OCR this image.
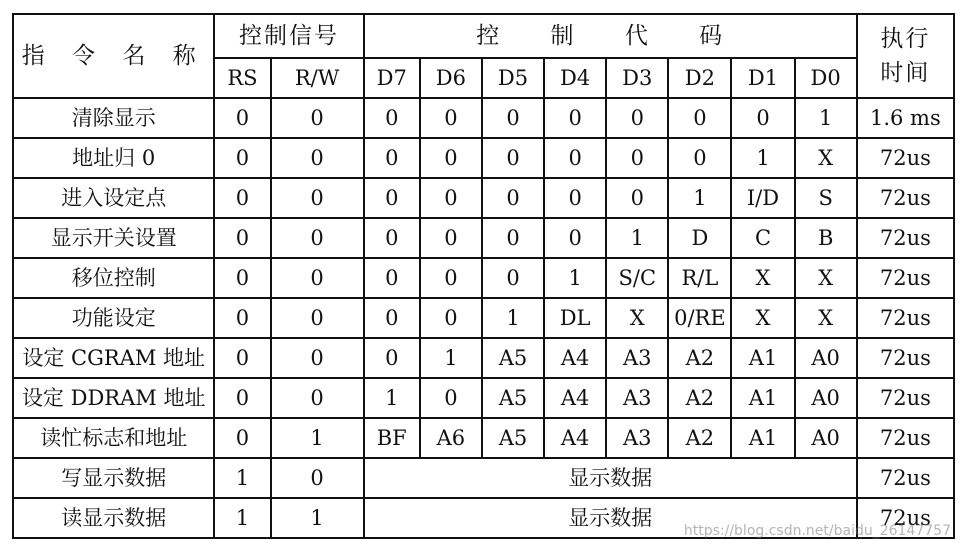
指 令 名 称	控制信号		控 制 代 码								执行时间
	RS	R/W	D7	D6	D5	D4	D3	D2	D1	D0	
清除显示	0	0	0	0	0	0	0	0	0	1	1.6 ms
地址归 0	0	0	0	0	0	0	0	0	1	X	72us
进入设定点	0	0	0	0	0	0	0	1	I/D	S	72us
显示开关设置	0	0	0	0	0	0	1	D	C	B	72us
移位控制	0	0	0	0	0	1	S/C	R/L	X	X	72us
功能设定	0	0	0	0	1	DL	X	0/RE	X	X	72us
设定 CGRAM 地址	0	0	0	1	A5	A4	A3	A2	A1	A0	72us
设定 DDRAM 地址	0	0	1	0	A5	A4	A3	A2	A1	A0	72us
读忙标志和地址	0	1	BF	A6	A5	A4	A3	A2	A1	A0	72us
写显示数据	1	0	显示数据								72us
读显示数据	1	1	显示数据								72us
https://blog.csdn.net/baidu_26147757
